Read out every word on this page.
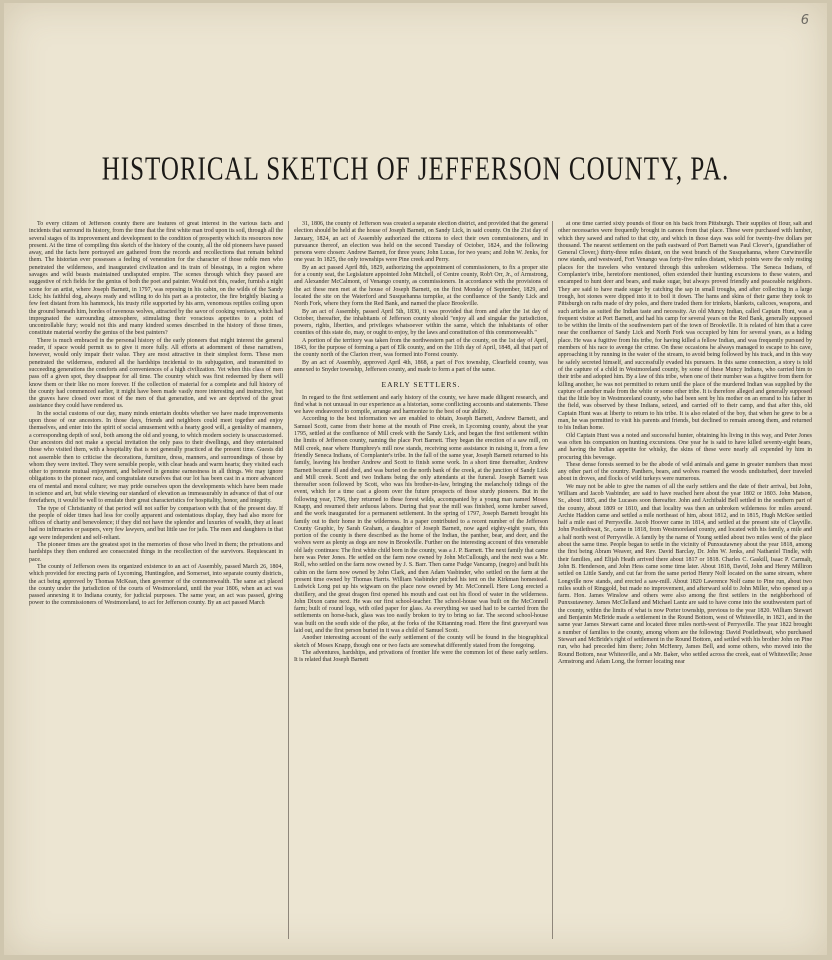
6
HISTORICAL SKETCH OF JEFFERSON COUNTY, PA.

To every citizen of Jefferson county there are features of great interest in the various facts and incidents that surround its history, from the time that the first white man trod upon its soil, through all the several stages of its improvement and development to the condition of prosperity which its resources now present. At the time of compiling this sketch of the history of the county, all the old pioneers have passed away, and the facts here portrayed are gathered from the records and recollections that remain behind them. The historian ever possesses a feeling of veneration for the character of those noble men who penetrated the wilderness, and inaugurated civilization and its train of blessings, in a region where savages and wild beasts maintained undisputed empire. The scenes through which they passed are suggestive of rich fields for the genius of both the poet and painter. Would not this, reader, furnish a night scene for an artist, where Joseph Barnett, in 1797, was reposing in his cabin, on the wilds of the Sandy Lick; his faithful dog, always ready and willing to do his part as a protector, the fire brightly blazing a few feet distant from his hammock, his trusty rifle supported by his arm, venomous reptiles coiling upon the ground beneath him, hordes of ravenous wolves, attracted by the savor of cooking venison, which had impregnated the surrounding atmosphere, stimulating their voracious appetites to a point of uncontrollable fury; would not this and many kindred scenes described in the history of those times, constitute material worthy the genius of the best painters?

There is much embraced in the personal history of the early pioneers that might interest the general reader, if space would permit us to give it more fully. All efforts at adornment of these narratives, however, would only impair their value. They are most attractive in their simplest form. These men penetrated the wilderness, endured all the hardships incidental to its subjugation, and transmitted to succeeding generations the comforts and conveniences of a high civilization. Yet when this class of men pass off a given spot, they disappear for all time. The country which was first redeemed by them will know them or their like no more forever. If the collection of material for a complete and full history of the county had commenced earlier, it might have been made vastly more interesting and instructive, but the graves have closed over most of the men of that generation, and we are deprived of the great assistance they could have rendered us.

In the social customs of our day, many minds entertain doubts whether we have made improvements upon those of our ancestors. In those days, friends and neighbors could meet together and enjoy themselves, and enter into the spirit of social amusement with a hearty good will, a geniality of manners, a corresponding depth of soul, both among the old and young, to which modern society is unaccustomed. Our ancestors did not make a special invitation the only pass to their dwellings, and they entertained those who visited them, with a hospitality that is not generally practiced at the present time. Guests did not assemble then to criticise the decorations, furniture, dress, manners, and surroundings of those by whom they were invited. They were sensible people, with clear heads and warm hearts; they visited each other to promote mutual enjoyment, and believed in genuine earnestness in all things. We may ignore obligations to the pioneer race, and congratulate ourselves that our lot has been cast in a more advanced era of mental and moral culture; we may pride ourselves upon the developments which have been made in science and art, but while viewing our standard of elevation as immeasurably in advance of that of our forefathers, it would be well to emulate their great characteristics for hospitality, honor, and integrity.

The type of Christianity of that period will not suffer by comparison with that of the present day. If the people of older times had less for coolly apparent and ostentatious display, they had also more for offices of charity and benevolence; if they did not have the splendor and luxuries of wealth, they at least had no infirmaries or paupers, very few lawyers, and but little use for jails. The men and daughters in that age were independent and self-reliant.

The pioneer times are the greatest spot in the memories of those who lived in them; the privations and hardships they then endured are consecrated things in the recollection of the survivors. Requiescant in pace.

The county of Jefferson owes its organized existence to an act of Assembly, passed March 26, 1804, which provided for erecting parts of Lycoming, Huntingdon, and Somerset, into separate county districts, the act being approved by Thomas McKean, then governor of the commonwealth. The same act placed the county under the jurisdiction of the courts of Westmoreland, until the year 1806, when an act was passed annexing it to Indiana county, for judicial purposes. The same year, an act was passed, giving power to the commissioners of Westmoreland, to act for Jefferson county. By an act passed March

31, 1806, the county of Jefferson was created a separate election district, and provided that the general election should be held at the house of Joseph Barnett, on Sandy Lick, in said county. On the 21st day of January, 1824, an act of Assembly authorized the citizens to elect their own commissioners, and in pursuance thereof, an election was held on the second Tuesday of October, 1824, and the following persons were chosen: Andrew Barnett, for three years; John Lucas, for two years; and John W. Jenks, for one year. In 1825, the only townships were Pine creek and Perry.

By an act passed April 8th, 1829, authorizing the appointment of commissioners, to fix a proper site for a county seat, the Legislature appointed John Mitchell, of Centre county, Rob't Orr, Jr., of Armstrong, and Alexander McCalmont, of Venango county, as commissioners. In accordance with the provisions of the act these men met at the house of Joseph Barnett, on the first Monday of September, 1829, and located the site on the Waterford and Susquehanna turnpike, at the confluence of the Sandy Lick and North Fork, where they form the Red Bank, and named the place Brookville.

By an act of Assembly, passed April 5th, 1830, it was provided that from and after the 1st day of October, thereafter, the inhabitants of Jefferson county should "enjoy all and singular the jurisdiction, powers, rights, liberties, and privileges whatsoever within the same, which the inhabitants of other counties of this state do, may, or ought to enjoy, by the laws and constitution of this commonwealth."

A portion of the territory was taken from the northwestern part of the county, on the 1st day of April, 1843, for the purpose of forming a part of Elk county, and on the 11th day of April, 1848, all that part of the county north of the Clarion river, was formed into Forest county.

By an act of Assembly, approved April 4th, 1868, a part of Fox township, Clearfield county, was annexed to Snyder township, Jefferson county, and made to form a part of the same.

EARLY SETTLERS.

In regard to the first settlement and early history of the county, we have made diligent research, and find what is not unusual in our experience as a historian, some conflicting accounts and statements. These we have endeavored to compile, arrange and harmonize to the best of our ability.

According to the best information we are enabled to obtain, Joseph Barnett, Andrew Barnett, and Samuel Scott, came from their home at the mouth of Pine creek, in Lycoming county, about the year 1795, settled at the confluence of Mill creek with the Sandy Lick, and began the first settlement within the limits of Jefferson county, naming the place Port Barnett. They began the erection of a saw mill, on Mill creek, near where Humphrey's mill now stands, receiving some assistance in raising it, from a few friendly Seneca Indians, of Cornplanter's tribe. In the fall of the same year, Joseph Barnett returned to his family, leaving his brother Andrew and Scott to finish some work. In a short time thereafter, Andrew Barnett became ill and died, and was buried on the north bank of the creek, at the junction of Sandy Lick and Mill creek. Scott and two Indians being the only attendants at the funeral. Joseph Barnett was thereafter soon followed by Scott, who was his brother-in-law, bringing the melancholy tidings of the event, which for a time cast a gloom over the future prospects of those sturdy pioneers. But in the following year, 1796, they returned to these forest wilds, accompanied by a young man named Moses Knapp, and resumed their arduous labors. During that year the mill was finished, some lumber sawed, and the work inaugurated for a permanent settlement. In the spring of 1797, Joseph Barnett brought his family out to their home in the wilderness. In a paper contributed to a recent number of the Jefferson County Graphic, by Sarah Graham, a daughter of Joseph Barnett, now aged eighty-eight years, this portion of the county is there described as the home of the Indian, the panther, bear, and deer, and the wolves were as plenty as dogs are now in Brookville. Further on the interesting account of this venerable old lady continues: The first white child born in the county, was a J. P. Barnett. The next family that came here was Peter Jones. He settled on the farm now owned by John McCullough, and the next was a Mr. Roll, who settled on the farm now owned by J. S. Barr. Then came Fudge Vancamp, (negro) and built his cabin on the farm now owned by John Clark, and then Adam Vasbinder, who settled on the farm at the present time owned by Thomas Harris. William Vasbinder pitched his tent on the Kirkman homestead. Ludwick Long put up his wigwam on the place now owned by Mr. McConnell. Here Long erected a distillery, and the great dragon first opened his mouth and cast out his flood of water in the wilderness. John Dixon came next. He was our first school-teacher. The school-house was built on the McConnell farm; built of round logs, with oiled paper for glass. As everything we used had to be carried from the settlements on horse-back, glass was too easily broken to try to bring so far. The second school-house was built on the south side of the pike, at the forks of the Kittanning road. Here the first graveyard was laid out, and the first person buried in it was a child of Samuel Scott.

Another interesting account of the early settlement of the county will be found in the biographical sketch of Moses Knapp, though one or two facts are somewhat differently stated from the foregoing.

The adventures, hardships, and privations of frontier life were the common lot of these early settlers. It is related that Joseph Barnett

at one time carried sixty pounds of flour on his back from Pittsburgh. Their supplies of flour, salt and other necessaries were frequently brought in canoes from that place. These were purchased with lumber, which they sawed and rafted to that city, and which in those days was sold for twenty-five dollars per thousand. The nearest settlement on the path eastward of Port Barnett was Paul Clover's, (grandfather of General Clover,) thirty-three miles distant, on the west branch of the Susquehanna, where Curwinsville now stands, and westward, Fort Venango was forty-five miles distant, which points were the only resting places for the travelers who ventured through this unbroken wilderness. The Seneca Indians, of Cornplanter's tribe, heretofore mentioned, often extended their hunting excursions to these waters, and encamped to hunt deer and bears, and make sugar, but always proved friendly and peaceable neighbors. They are said to have made sugar by catching the sap in small troughs, and after collecting in a large trough, hot stones were dipped into it to boil it down. The hams and skins of their game they took to Pittsburgh on rafts made of dry poles, and there traded them for trinkets, blankets, calicoes, weapons, and such articles as suited the Indian taste and necessity. An old Muncy Indian, called Captain Hunt, was a frequent visitor at Port Barnett, and had his camp for several years on the Red Bank, generally supposed to be within the limits of the southwestern part of the town of Brookville. It is related of him that a cave near the confluence of Sandy Lick and North Fork was occupied by him for several years, as a hiding place. He was a fugitive from his tribe, for having killed a fellow Indian, and was frequently pursued by members of his race to avenge the crime. On these occasions he always managed to escape to his cave, approaching it by running in the water of the stream, to avoid being followed by his track, and in this way he safely secreted himself, and successfully evaded his pursuers. In this same connection, a story is told of the capture of a child in Westmoreland county, by some of these Muncy Indians, who carried him to their tribe and adopted him. By a law of this tribe, when one of their number was a fugitive from them for killing another, he was not permitted to return until the place of the murdered Indian was supplied by the capture of another male from the white or some other tribe. It is therefore alleged and generally supposed that the little boy in Westmoreland county, who had been sent by his mother on an errand to his father in the field, was observed by these Indians, seized, and carried off to their camp, and that after this, old Captain Hunt was at liberty to return to his tribe. It is also related of the boy, that when he grew to be a man, he was permitted to visit his parents and friends, but declined to remain among them, and returned to his Indian home.

Old Captain Hunt was a noted and successful hunter, obtaining his living in this way, and Peter Jones was often his companion on hunting excursions. One year he is said to have killed seventy-eight bears, and having the Indian appetite for whisky, the skins of these were nearly all expended by him in procuring this beverage.

These dense forests seemed to be the abode of wild animals and game in greater numbers than most any other part of the country. Panthers, bears, and wolves roamed the woods undisturbed, deer traveled about in droves, and flocks of wild turkeys were numerous.

We may not be able to give the names of all the early settlers and the date of their arrival, but John, William and Jacob Vasbinder, are said to have reached here about the year 1802 or 1803. John Matson, Sr., about 1805, and the Lucases soon thereafter. John and Archibald Bell settled in the southern part of the county, about 1809 or 1810, and that locality was then an unbroken wilderness for miles around. Archie Haddon came and settled a mile northeast of him, about 1812, and in 1815, Hugh McKee settled half a mile east of Perrysville. Jacob Hoover came in 1814, and settled at the present site of Clayville. John Postlethwait, Sr., came in 1818, from Westmoreland county, and located with his family, a mile and a half north west of Perrysville. A family by the name of Young settled about two miles west of the place about the same time. People began to settle in the vicinity of Punxsutawney about the year 1818, among the first being Abram Weaver, and Rev. David Barclay, Dr. John W. Jenks, and Nathaniel Tindle, with their families, and Elijah Heath arrived there about 1817 or 1818. Charles C. Gaskill, Isaac P. Carmalt, John B. Henderson, and John Hess came some time later. About 1818, David, John and Henry Milliron settled on Little Sandy, and cut far from the same period Henry Nolf located on the same stream, where Longville now stands, and erected a saw-mill. About 1820 Lawrence Nolf came to Pine run, about two miles south of Ringgold, but made no improvement, and afterward sold to John Miller, who opened up a farm. Hon. James Winslow and others were also among the first settlers in the neighborhood of Punxsutawney. James McClelland and Michael Lantz are said to have come into the southwestern part of the county, within the limits of what is now Porter township, previous to the year 1820. William Stewart and Benjamin McBride made a settlement in the Round Bottom, west of Whitesville, in 1821, and in the same year James Stewart came and located three miles north-west of Perrysville. The year 1822 brought a number of families to the county, among whom are the following: David Postlethwait, who purchased Stewart and McBride's right of settlement in the Round Bottom, and settled with his brother John on Pine run, who had preceded him there; John McHenry, James Bell, and some others, who moved into the Round Bottom, near Whitesville, and a Mr. Baker, who settled across the creek, east of Whitesville; Jesse Armstrong and Adam Long, the former locating near
